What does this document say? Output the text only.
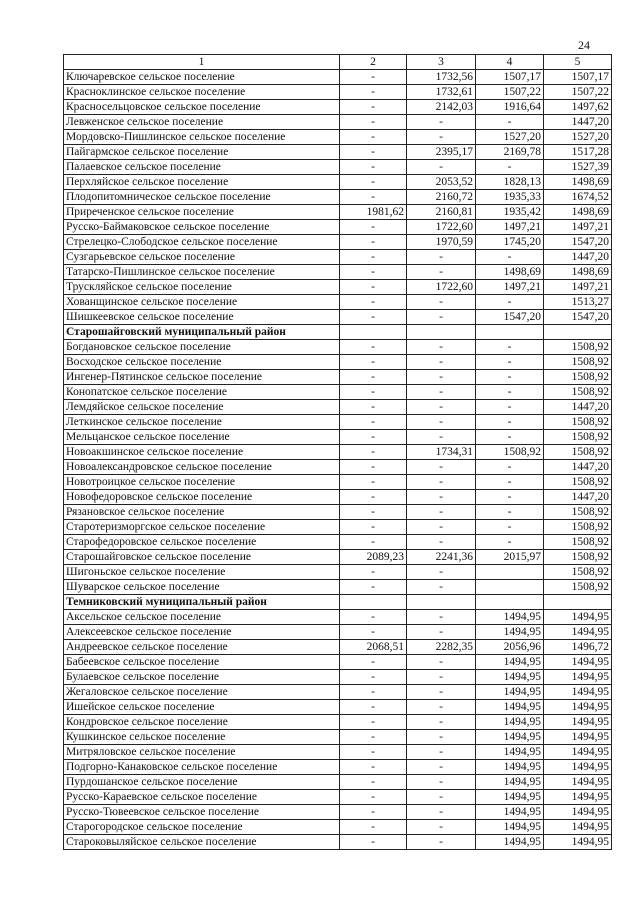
24
1	2	3	4	5
Ключаревское сельское поселение	-	1732,56	1507,17	1507,17
Красноклинское сельское поселение	-	1732,61	1507,22	1507,22
Красносельцовское сельское поселение	-	2142,03	1916,64	1497,62
Левженское сельское поселение	-	-	-	1447,20
Мордовско-Пишлинское сельское поселение	-	-	1527,20	1527,20
Пайгармское сельское поселение	-	2395,17	2169,78	1517,28
Палаевское сельское поселение	-	-	-	1527,39
Перхляйское сельское поселение	-	2053,52	1828,13	1498,69
Плодопитомническое сельское поселение	-	2160,72	1935,33	1674,52
Приреченское сельское поселение	1981,62	2160,81	1935,42	1498,69
Русско-Баймаковское сельское поселение	-	1722,60	1497,21	1497,21
Стрелецко-Слободское сельское поселение	-	1970,59	1745,20	1547,20
Сузгарьевское сельское поселение	-	-	-	1447,20
Татарско-Пишлинское сельское поселение	-	-	1498,69	1498,69
Трускляйское сельское поселение	-	1722,60	1497,21	1497,21
Хованщинское сельское поселение	-	-	-	1513,27
Шишкеевское сельское поселение	-	-	1547,20	1547,20
Старошайговский муниципальный район				
Богдановское сельское поселение	-	-	-	1508,92
Восходское сельское поселение	-	-	-	1508,92
Ингенер-Пятинское сельское поселение	-	-	-	1508,92
Конопатское сельское поселение	-	-	-	1508,92
Лемдяйское сельское поселение	-	-	-	1447,20
Леткинское сельское поселение	-	-	-	1508,92
Мельцанское сельское поселение	-	-	-	1508,92
Новоакшинское сельское поселение	-	1734,31	1508,92	1508,92
Новоалександровское сельское поселение	-	-	-	1447,20
Новотроицкое сельское поселение	-	-	-	1508,92
Новофедоровское сельское поселение	-	-	-	1447,20
Рязановское сельское поселение	-	-	-	1508,92
Старотеризморгское сельское поселение	-	-	-	1508,92
Старофедоровское сельское поселение	-	-	-	1508,92
Старошайговское сельское поселение	2089,23	2241,36	2015,97	1508,92
Шигоньское сельское поселение	-	-		1508,92
Шуварское сельское поселение	-	-		1508,92
Темниковский муниципальный район				
Аксельское сельское поселение	-	-	1494,95	1494,95
Алексеевское сельское поселение	-	-	1494,95	1494,95
Андреевское сельское поселение	2068,51	2282,35	2056,96	1496,72
Бабеевское сельское поселение	-	-	1494,95	1494,95
Булаевское сельское поселение	-	-	1494,95	1494,95
Жегаловское сельское поселение	-	-	1494,95	1494,95
Ишейское сельское поселение	-	-	1494,95	1494,95
Кондровское сельское поселение	-	-	1494,95	1494,95
Кушкинское сельское поселение	-	-	1494,95	1494,95
Митряловское сельское поселение	-	-	1494,95	1494,95
Подгорно-Канаковское сельское поселение	-	-	1494,95	1494,95
Пурдошанское сельское поселение	-	-	1494,95	1494,95
Русско-Караевское сельское поселение	-	-	1494,95	1494,95
Русско-Тювеевское сельское поселение	-	-	1494,95	1494,95
Старогородское сельское поселение	-	-	1494,95	1494,95
Староковыляйское сельское поселение	-	-	1494,95	1494,95
